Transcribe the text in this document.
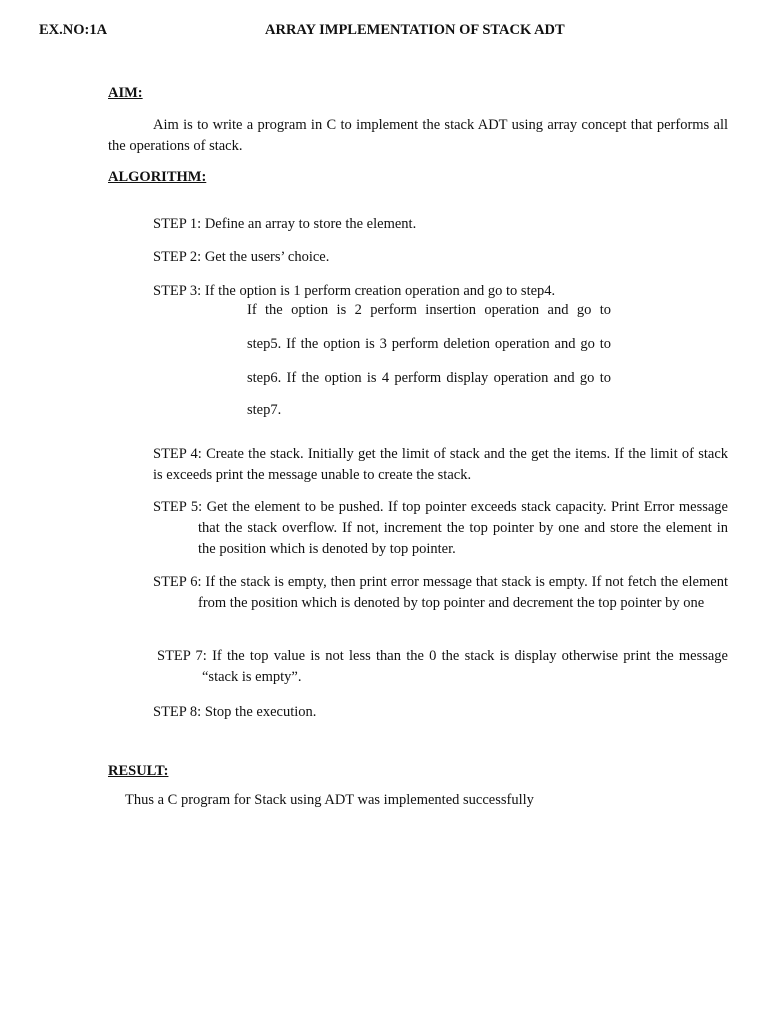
EX.NO:1A	ARRAY IMPLEMENTATION OF STACK ADT
AIM:
Aim is to write a program in C to implement the stack ADT using array concept that performs all the operations of stack.
ALGORITHM:
STEP 1: Define an array to store the element.
STEP 2: Get the users’ choice.
STEP 3: If the option is 1 perform creation operation and go to step4.
If the option is 2 perform insertion operation and go to
step5. If the option is 3 perform deletion operation and go to
step6. If the option is 4 perform display operation and go to
step7.
STEP 4: Create the stack. Initially get the limit of stack and the get the items. If the limit of stack is exceeds print the message unable to create the stack.
STEP 5: Get the element to be pushed. If top pointer exceeds stack capacity. Print Error message that the stack overflow. If not, increment the top pointer by one and store the element in the position which is denoted by top pointer.
STEP 6: If the stack is empty, then print error message that stack is empty. If not fetch the element from the position which is denoted by top pointer and decrement the top pointer by one
STEP 7: If the top value is not less than the 0 the stack is display otherwise print the message “stack is empty”.
STEP 8: Stop the execution.
RESULT:
Thus a C program for Stack using ADT was implemented successfully
